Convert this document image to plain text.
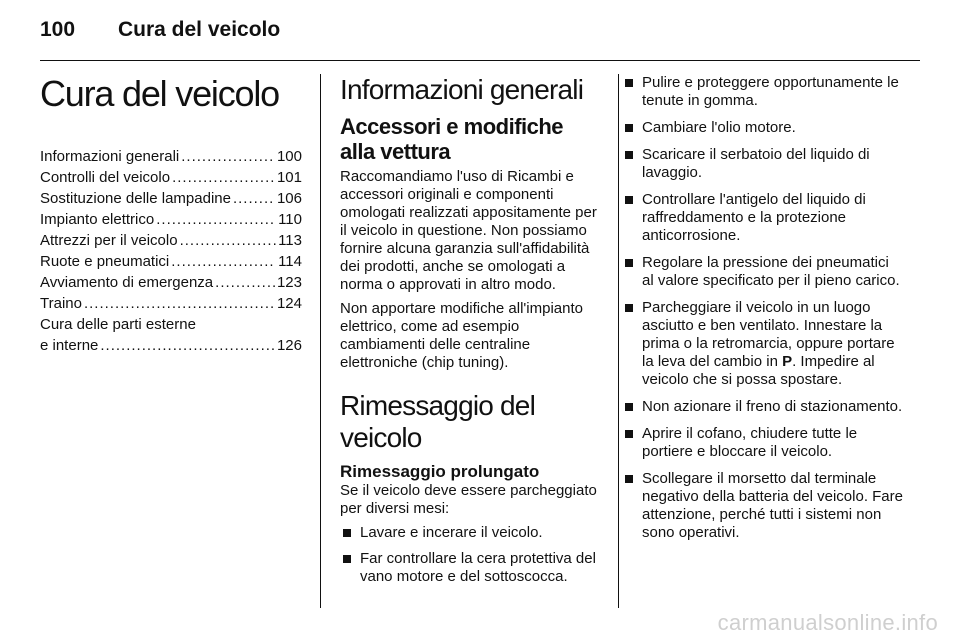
100 Cura del veicolo
Cura del veicolo
Informazioni generali .....	100
Controlli del veicolo .....	101
Sostituzione delle lampadine .....	106
Impianto elettrico .....	110
Attrezzi per il veicolo .....	113
Ruote e pneumatici .....	114
Avviamento di emergenza .....	123
Traino .....	124
Cura delle parti esterne
e interne .....	126
Informazioni generali
Accessori e modifiche alla vettura

Raccomandiamo l'uso di Ricambi e accessori originali e componenti omologati realizzati appositamente per il veicolo in questione. Non possiamo fornire alcuna garanzia sull'affidabilità dei prodotti, anche se omologati a norma o approvati in altro modo.

Non apportare modifiche all'impianto elettrico, come ad esempio cambiamenti delle centraline elettroniche (chip tuning).

Rimessaggio del veicolo
Rimessaggio prolungato

Se il veicolo deve essere parcheggiato per diversi mesi:

Lavare e incerare il veicolo.
Far controllare la cera protettiva del vano motore e del sottoscocca.
Pulire e proteggere opportunamente le tenute in gomma.
Cambiare l'olio motore.
Scaricare il serbatoio del liquido di lavaggio.
Controllare l'antigelo del liquido di raffreddamento e la protezione anticorrosione.
Regolare la pressione dei pneumatici al valore specificato per il pieno carico.
Parcheggiare il veicolo in un luogo asciutto e ben ventilato. Innestare la prima o la retromarcia, oppure portare la leva del cambio in P. Impedire al veicolo che si possa spostare.
Non azionare il freno di stazionamento.
Aprire il cofano, chiudere tutte le portiere e bloccare il veicolo.
Scollegare il morsetto dal terminale negativo della batteria del veicolo. Fare attenzione, perché tutti i sistemi non sono operativi.
carmanualsonline.info
